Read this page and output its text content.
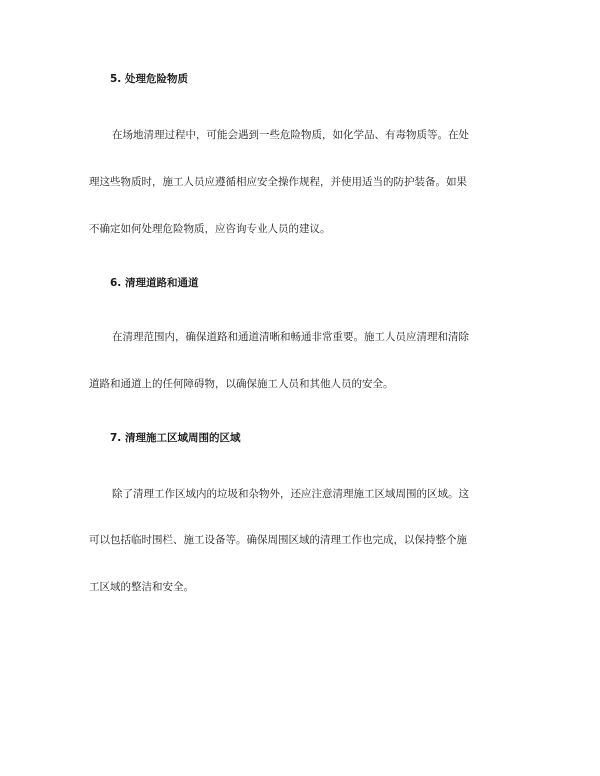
5. 处理危险物质
在场地清理过程中，可能会遇到一些危险物质，如化学品、有毒物质等。在处
理这些物质时，施工人员应遵循相应安全操作规程，并使用适当的防护装备。如果
不确定如何处理危险物质，应咨询专业人员的建议。
6. 清理道路和通道
在清理范围内，确保道路和通道清晰和畅通非常重要。施工人员应清理和清除
道路和通道上的任何障碍物，以确保施工人员和其他人员的安全。
7. 清理施工区域周围的区域
除了清理工作区域内的垃圾和杂物外，还应注意清理施工区域周围的区域。这
可以包括临时围栏、施工设备等。确保周围区域的清理工作也完成，以保持整个施
工区域的整洁和安全。
